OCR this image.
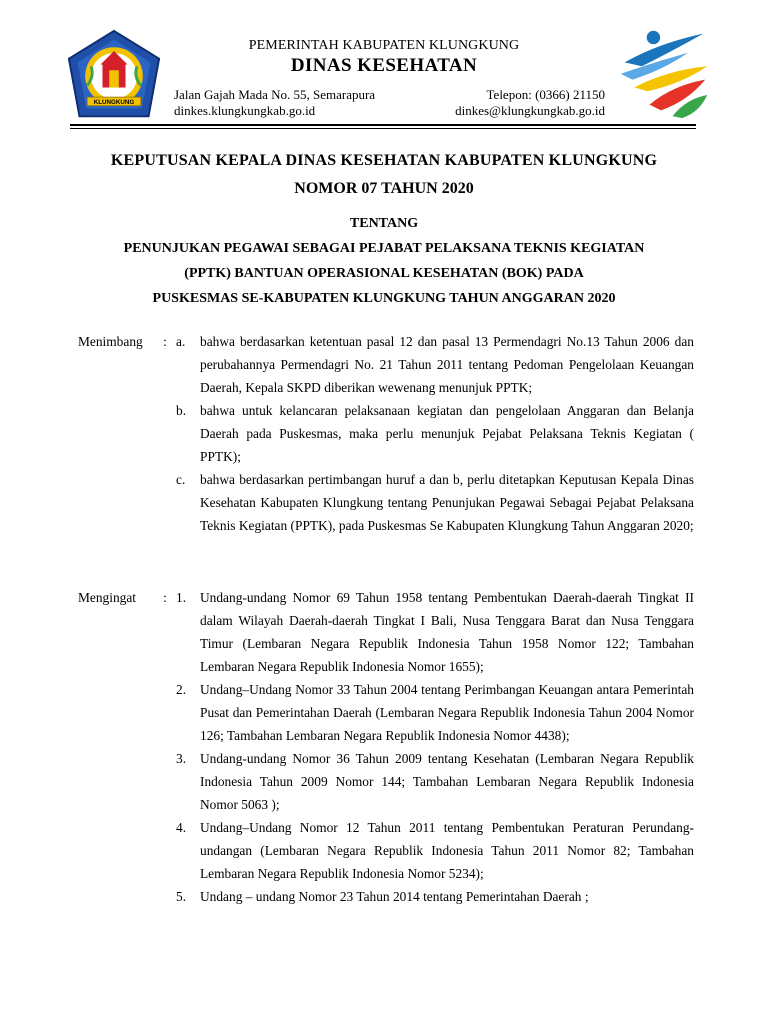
KLUNGKUNG
PEMERINTAH KABUPATEN KLUNGKUNG
DINAS KESEHATAN
Jalan Gajah Mada No. 55, Semarapura	Telepon: (0366) 21150
dinkes.klungkungkab.go.id	dinkes@klungkungkab.go.id
KEPUTUSAN KEPALA DINAS KESEHATAN KABUPATEN KLUNGKUNG
NOMOR 07 TAHUN 2020
TENTANG
PENUNJUKAN PEGAWAI SEBAGAI PEJABAT PELAKSANA TEKNIS KEGIATAN
(PPTK) BANTUAN OPERASIONAL KESEHATAN (BOK) PADA
PUSKESMAS SE-KABUPATEN KLUNGKUNG TAHUN ANGGARAN 2020
Menimbang	: a.	bahwa berdasarkan ketentuan pasal 12 dan pasal 13 Permendagri No.13 Tahun 2006 dan perubahannya Permendagri No. 21 Tahun 2011 tentang Pedoman Pengelolaan Keuangan Daerah, Kepala SKPD diberikan wewenang menunjuk PPTK;
b.	bahwa untuk kelancaran pelaksanaan kegiatan dan pengelolaan Anggaran dan Belanja Daerah pada Puskesmas, maka perlu menunjuk Pejabat Pelaksana Teknis Kegiatan ( PPTK);
c.	bahwa berdasarkan pertimbangan huruf a dan b, perlu ditetapkan Keputusan Kepala Dinas Kesehatan Kabupaten Klungkung tentang Penunjukan Pegawai Sebagai Pejabat Pelaksana Teknis Kegiatan (PPTK), pada Puskesmas Se Kabupaten Klungkung Tahun Anggaran 2020;
Mengingat	: 1.	Undang-undang Nomor 69 Tahun 1958 tentang Pembentukan Daerah-daerah Tingkat II dalam Wilayah Daerah-daerah Tingkat I Bali, Nusa Tenggara Barat dan Nusa Tenggara Timur (Lembaran Negara Republik Indonesia Tahun 1958 Nomor 122; Tambahan Lembaran Negara Republik Indonesia Nomor 1655);
2.	Undang–Undang Nomor 33 Tahun 2004 tentang Perimbangan Keuangan antara Pemerintah Pusat dan Pemerintahan Daerah (Lembaran Negara Republik Indonesia Tahun 2004 Nomor 126; Tambahan Lembaran Negara Republik Indonesia Nomor 4438);
3.	Undang-undang Nomor 36 Tahun 2009 tentang Kesehatan (Lembaran Negara Republik Indonesia Tahun 2009 Nomor 144; Tambahan Lembaran Negara Republik Indonesia Nomor 5063 );
4.	Undang–Undang Nomor 12 Tahun 2011 tentang Pembentukan Peraturan Perundang-undangan (Lembaran Negara Republik Indonesia Tahun 2011 Nomor 82; Tambahan Lembaran Negara Republik Indonesia Nomor 5234);
5.	Undang – undang Nomor 23 Tahun 2014 tentang Pemerintahan Daerah ;
